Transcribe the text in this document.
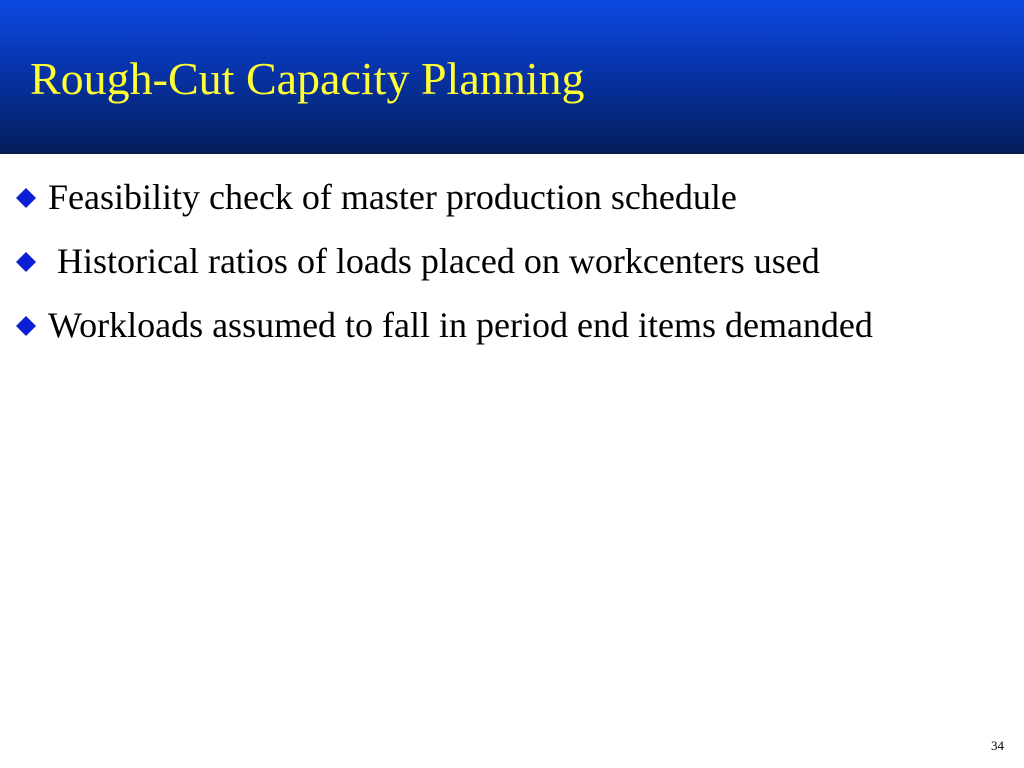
Rough-Cut Capacity Planning
Feasibility check of master production schedule
Historical ratios of loads placed on workcenters used
Workloads assumed to fall in period end items demanded
34
